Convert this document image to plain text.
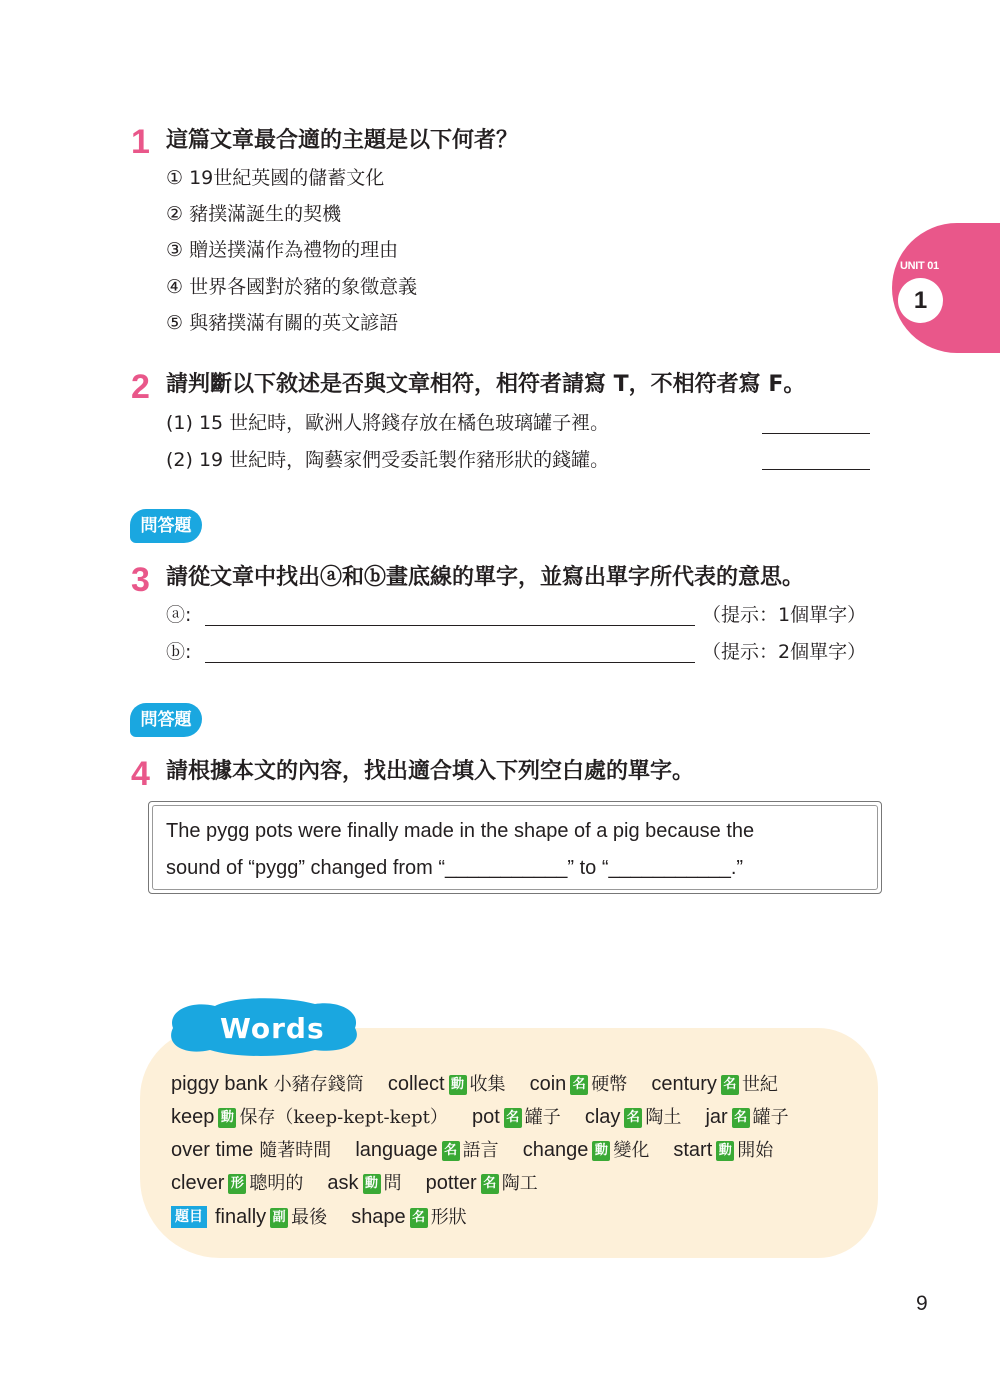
UNIT 01
1
1 這篇文章最合適的主題是以下何者？
① 19世紀英國的儲蓄文化
② 豬撲滿誕生的契機
③ 贈送撲滿作為禮物的理由
④ 世界各國對於豬的象徵意義
⑤ 與豬撲滿有關的英文諺語
2 請判斷以下敘述是否與文章相符，相符者請寫 T，不相符者寫 F。
(1) 15 世紀時，歐洲人將錢存放在橘色玻璃罐子裡。
(2) 19 世紀時，陶藝家們受委託製作豬形狀的錢罐。
問答題
3 請從文章中找出ⓐ和ⓑ畫底線的單字，並寫出單字所代表的意思。
ⓐ:	（提示：1個單字）
ⓑ:	（提示：2個單字）
問答題
4 請根據本文的內容，找出適合填入下列空白處的單字。
The pygg pots were finally made in the shape of a pig because the
sound of “pygg” changed from “___________” to “___________.”
Words
piggy bank 小豬存錢筒 collect 動 收集 coin 名 硬幣 century 名 世紀
keep 動 保存（keep-kept-kept） pot 名 罐子 clay 名 陶土 jar 名 罐子
over time 隨著時間 language 名 語言 change 動 變化 start 動 開始
clever 形 聰明的 ask 動 問 potter 名 陶工
題目 finally 副 最後 shape 名 形狀
9
